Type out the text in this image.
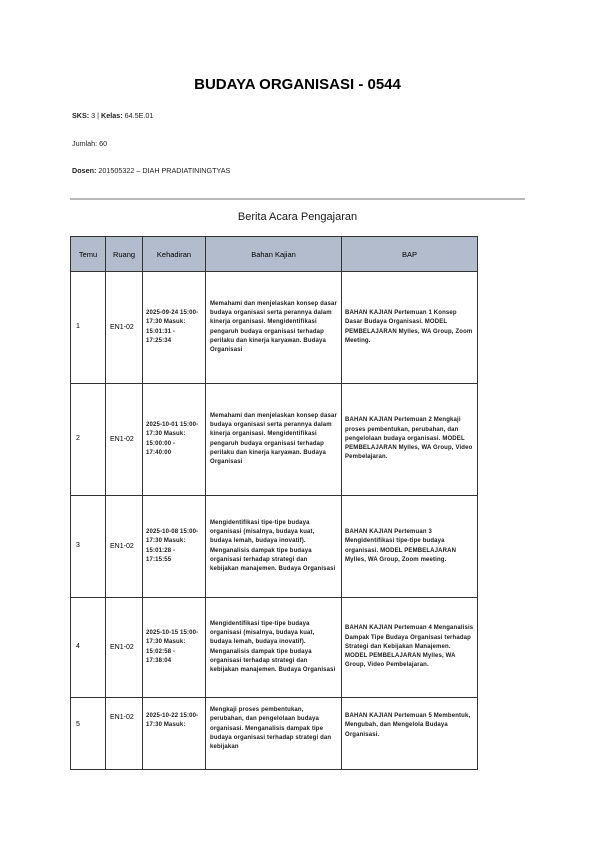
BUDAYA ORGANISASI - 0544
SKS: 3 | Kelas: 64.5E.01
Jumlah: 60
Dosen: 201505322 – DIAH PRADIATININGTYAS
Berita Acara Pengajaran
Temu	Ruang	Kehadiran	Bahan Kajian	BAP
1	EN1-02	2025-09-24 15:00-17:30 Masuk: 15:01:31 - 17:25:34	Memahami dan menjelaskan konsep dasar budaya organisasi serta perannya dalam kinerja organisasi. Mengidentifikasi pengaruh budaya organisasi terhadap perilaku dan kinerja karyawan. Budaya Organisasi	BAHAN KAJIAN Pertemuan 1 Konsep Dasar Budaya Organisasi. MODEL PEMBELAJARAN Mylles, WA Group, Zoom Meeting.
2	EN1-02	2025-10-01 15:00-17:30 Masuk: 15:00:00 - 17:40:00	Memahami dan menjelaskan konsep dasar budaya organisasi serta perannya dalam kinerja organisasi. Mengidentifikasi pengaruh budaya organisasi terhadap perilaku dan kinerja karyawan. Budaya Organisasi	BAHAN KAJIAN Pertemuan 2 Mengkaji proses pembentukan, perubahan, dan pengelolaan budaya organisasi. MODEL PEMBELAJARAN Mylles, WA Group, Video Pembelajaran.
3	EN1-02	2025-10-08 15:00-17:30 Masuk: 15:01:28 - 17:15:55	Mengidentifikasi tipe-tipe budaya organisasi (misalnya, budaya kuat, budaya lemah, budaya inovatif). Menganalisis dampak tipe budaya organisasi terhadap strategi dan kebijakan manajemen. Budaya Organisasi	BAHAN KAJIAN Pertemuan 3 Mengidentifikasi tipe-tipe budaya organisasi. MODEL PEMBELAJARAN Mylles, WA Group, Zoom meeting.
4	EN1-02	2025-10-15 15:00-17:30 Masuk: 15:02:58 - 17:38:04	Mengidentifikasi tipe-tipe budaya organisasi (misalnya, budaya kuat, budaya lemah, budaya inovatif). Menganalisis dampak tipe budaya organisasi terhadap strategi dan kebijakan manajemen. Budaya Organisasi	BAHAN KAJIAN Pertemuan 4 Menganalisis Dampak Tipe Budaya Organisasi terhadap Strategi dan Kebijakan Manajemen. MODEL PEMBELAJARAN Mylles, WA Group, Video Pembelajaran.
5	EN1-02	2025-10-22 15:00-17:30 Masuk:	Mengkaji proses pembentukan, perubahan, dan pengelolaan budaya organisasi. Menganalisis dampak tipe budaya organisasi terhadap strategi dan kebijakan	BAHAN KAJIAN Pertemuan 5 Membentuk, Mengubah, dan Mengelola Budaya Organisasi.
